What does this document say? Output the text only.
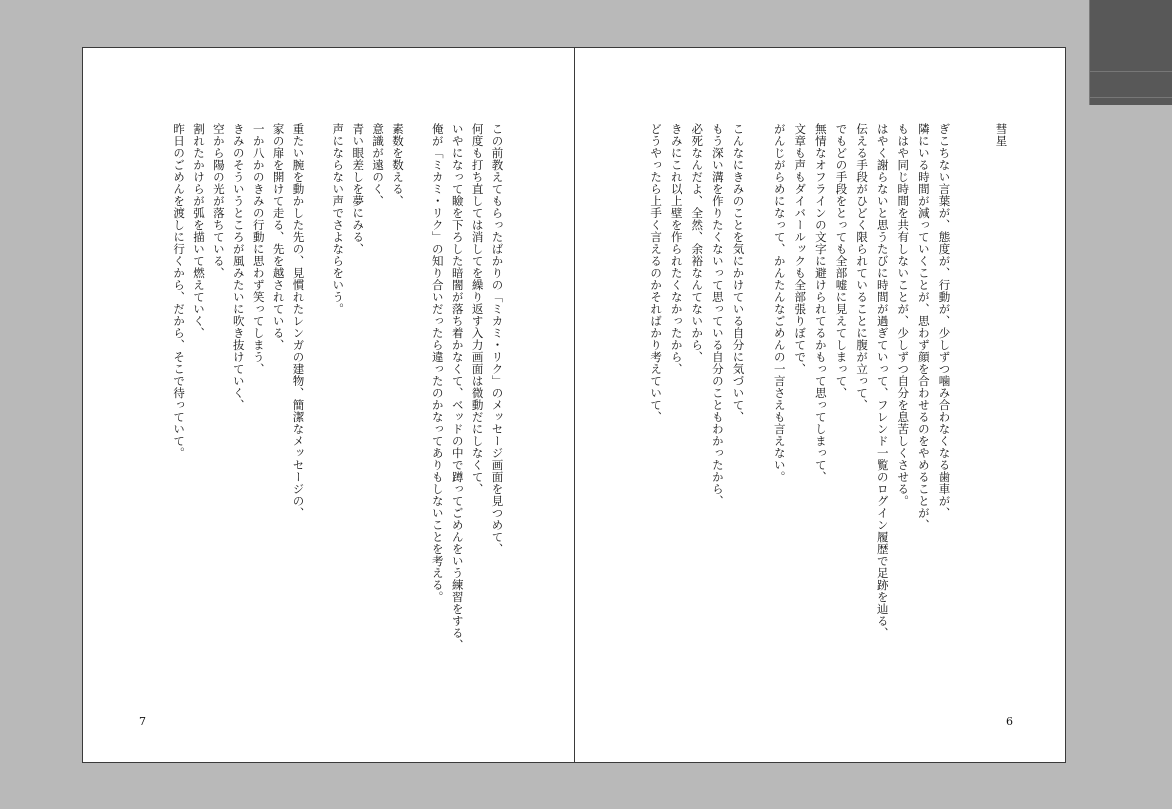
7
この前教えてもらったばかりの「ミカミ・リク」のメッセージ画面を見つめて、
何度も打ち直しては消してを繰り返す入力画面は微動だにしなくて、
いやになって瞼を下ろした暗闇が落ち着かなくて、ベッドの中で蹲ってごめんをいう練習をする、
俺が「ミカミ・リク」の知り合いだったら違ったのかなってありもしないことを考える。
素数を数える、
意識が遠のく、
青い眼差しを夢にみる、
声にならない声でさよならをいう。
重たい腕を動かした先の、見慣れたレンガの建物、簡潔なメッセージの、
家の扉を開けて走る、先を越されている、
一か八かのきみの行動に思わず笑ってしまう、
きみのそういうところが風みたいに吹き抜けていく、
空から陽の光が落ちている、
割れたかけらが弧を描いて燃えていく、
昨日のごめんを渡しに行くから、だから、そこで待っていて。	彗星
6
ぎこちない言葉が、態度が、行動が、少しずつ噛み合わなくなる歯車が、
隣にいる時間が減っていくことが、思わず顔を合わせるのをやめることが、
もはや同じ時間を共有しないことが、少しずつ自分を息苦しくさせる。
はやく謝らないと思うたびに時間が過ぎていって、フレンド一覧のログイン履歴で足跡を辿る、
伝える手段がひどく限られていることに腹が立って、
でもどの手段をとっても全部嘘に見えてしまって、
無情なオフラインの文字に避けられてるかもって思ってしまって、
文章も声もダイバールックも全部張りぼてで、
がんじがらめになって、かんたんなごめんの一言さえも言えない。
こんなにきみのことを気にかけている自分に気づいて、
もう深い溝を作りたくないって思っている自分のこともわかったから、
必死なんだよ、全然、余裕なんてないから、
きみにこれ以上壁を作られたくなかったから、
どうやったら上手く言えるのかそればかり考えていて、
